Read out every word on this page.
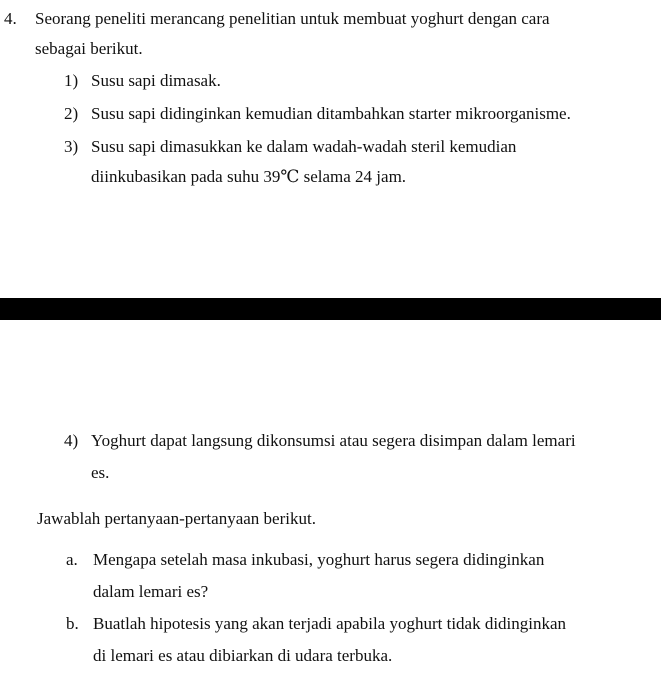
4. Seorang peneliti merancang penelitian untuk membuat yoghurt dengan cara
sebagai berikut.
1) Susu sapi dimasak.
2) Susu sapi didinginkan kemudian ditambahkan starter mikroorganisme.
3) Susu sapi dimasukkan ke dalam wadah-wadah steril kemudian
diinkubasikan pada suhu 39℃ selama 24 jam.
4) Yoghurt dapat langsung dikonsumsi atau segera disimpan dalam lemari
es.
Jawablah pertanyaan-pertanyaan berikut.
a. Mengapa setelah masa inkubasi, yoghurt harus segera didinginkan
dalam lemari es?
b. Buatlah hipotesis yang akan terjadi apabila yoghurt tidak didinginkan
di lemari es atau dibiarkan di udara terbuka.
